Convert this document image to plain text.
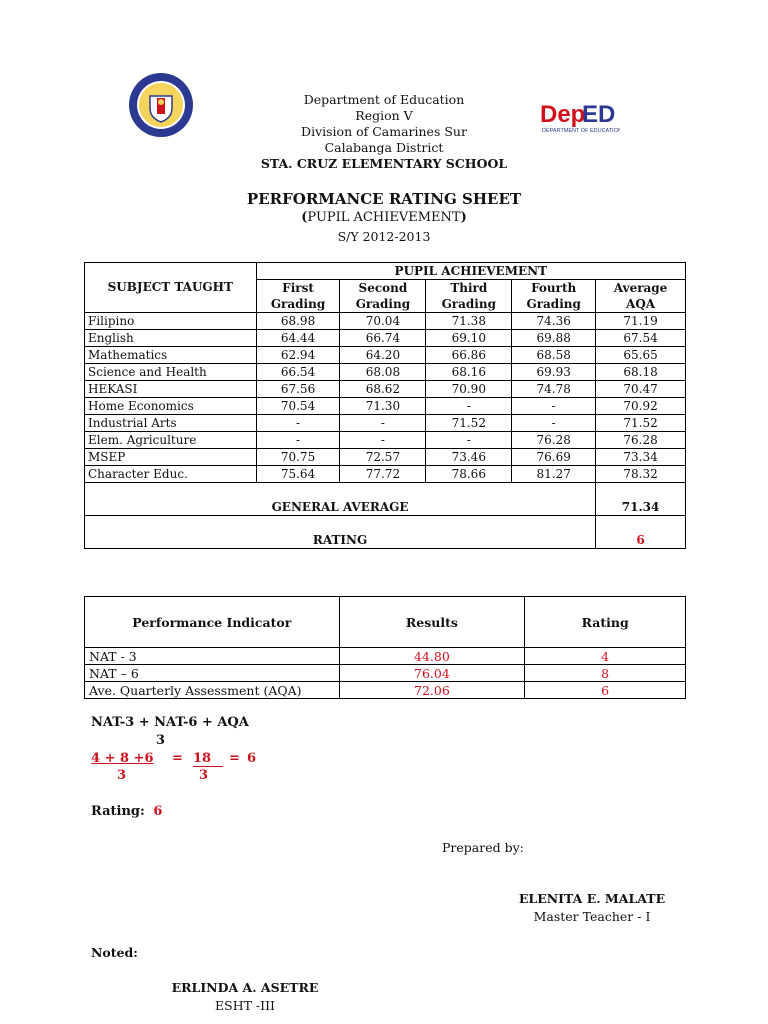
Dep
ED
DEPARTMENT OF EDUCATION
Department of Education
Region V
Division of Camarines Sur
Calabanga District
STA. CRUZ ELEMENTARY SCHOOL
PERFORMANCE RATING SHEET
(PUPIL ACHIEVEMENT)
S/Y 2012-2013
SUBJECT TAUGHT	PUPIL ACHIEVEMENT				
	First	Second	Third	Fourth	Average
	Grading	Grading	Grading	Grading	AQA
Filipino	68.98	70.04	71.38	74.36	71.19
English	64.44	66.74	69.10	69.88	67.54
Mathematics	62.94	64.20	66.86	68.58	65.65
Science and Health	66.54	68.08	68.16	69.93	68.18
HEKASI	67.56	68.62	70.90	74.78	70.47
Home Economics	70.54	71.30	-	-	70.92
Industrial Arts	-	-	71.52	-	71.52
Elem. Agriculture	-	-	-	76.28	76.28
MSEP	70.75	72.57	73.46	76.69	73.34
Character Educ.	75.64	77.72	78.66	81.27	78.32
GENERAL AVERAGE					71.34
RATING					6
Performance Indicator	Results	Rating
NAT - 3	44.80	4
NAT – 6	76.04	8
Ave. Quarterly Assessment (AQA)	72.06	6
NAT-3 + NAT-6 + AQA
3
4 + 8 +6 = 18	= 6
3	3
Rating: 6
Prepared by:
ELENITA E. MALATE
Master Teacher - I
Noted:
ERLINDA A. ASETRE
ESHT -III
